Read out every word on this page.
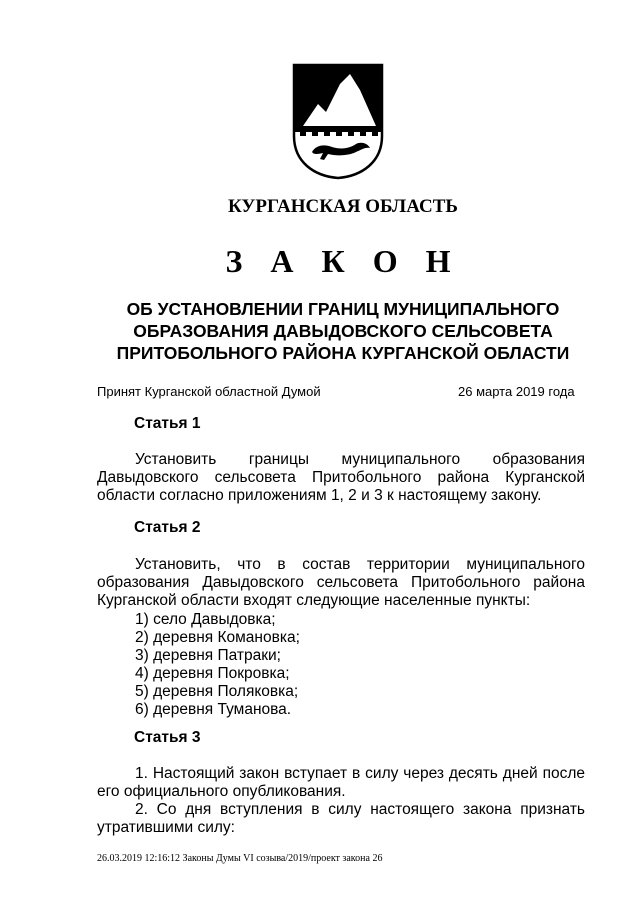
КУРГАНСКАЯ ОБЛАСТЬ
З А К О Н
ОБ УСТАНОВЛЕНИИ ГРАНИЦ МУНИЦИПАЛЬНОГО ОБРАЗОВАНИЯ ДАВЫДОВСКОГО СЕЛЬСОВЕТА ПРИТОБОЛЬНОГО РАЙОНА КУРГАНСКОЙ ОБЛАСТИ
Принят Курганской областной Думой	26 марта 2019 года
Статья 1
Установить границы муниципального образования
Давыдовского сельсовета Притобольного района Курганской
области согласно приложениям 1, 2 и 3 к настоящему закону.
Статья 2
Установить, что в состав территории муниципального
образования Давыдовского сельсовета Притобольного района
Курганской области входят следующие населенные пункты:
1) село Давыдовка;
2) деревня Комановка;
3) деревня Патраки;
4) деревня Покровка;
5) деревня Поляковка;
6) деревня Туманова.
Статья 3
1. Настоящий закон вступает в силу через десять дней после
его официального опубликования.
2. Со дня вступления в силу настоящего закона признать
утратившими силу:
26.03.2019 12:16:12 Законы Думы VI созыва/2019/проект закона 26
